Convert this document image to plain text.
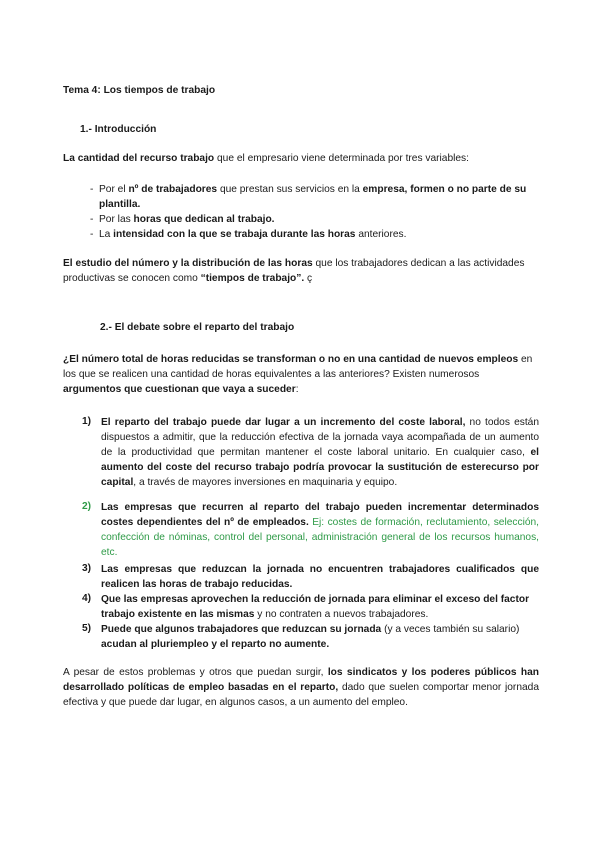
Tema 4: Los tiempos de trabajo

1.- Introducción

La cantidad del recurso trabajo que el empresario viene determinada por tres variables:

- Por el nº de trabajadores que prestan sus servicios en la empresa, formen o no parte de su plantilla.
- Por las horas que dedican al trabajo.
- La intensidad con la que se trabaja durante las horas anteriores.

El estudio del número y la distribución de las horas que los trabajadores dedican a las actividades productivas se conocen como “tiempos de trabajo”. ç

2.- El debate sobre el reparto del trabajo

¿El número total de horas reducidas se transforman o no en una cantidad de nuevos empleos en los que se realicen una cantidad de horas equivalentes a las anteriores? Existen numerosos argumentos que cuestionan que vaya a suceder:

1) El reparto del trabajo puede dar lugar a un incremento del coste laboral, no todos están dispuestos a admitir, que la reducción efectiva de la jornada vaya acompañada de un aumento de la productividad que permitan mantener el coste laboral unitario. En cualquier caso, el aumento del coste del recurso trabajo podría provocar la sustitución de esterecurso por capital, a través de mayores inversiones en maquinaria y equipo.

2) Las empresas que recurren al reparto del trabajo pueden incrementar determinados costes dependientes del nº de empleados. Ej: costes de formación, reclutamiento, selección, confección de nóminas, control del personal, administración general de los recursos humanos, etc.

3) Las empresas que reduzcan la jornada no encuentren trabajadores cualificados que realicen las horas de trabajo reducidas.

4) Que las empresas aprovechen la reducción de jornada para eliminar el exceso del factor trabajo existente en las mismas y no contraten a nuevos trabajadores.

5) Puede que algunos trabajadores que reduzcan su jornada (y a veces también su salario) acudan al pluriempleo y el reparto no aumente.

A pesar de estos problemas y otros que puedan surgir, los sindicatos y los poderes públicos han desarrollado políticas de empleo basadas en el reparto, dado que suelen comportar menor jornada efectiva y que puede dar lugar, en algunos casos, a un aumento del empleo.
